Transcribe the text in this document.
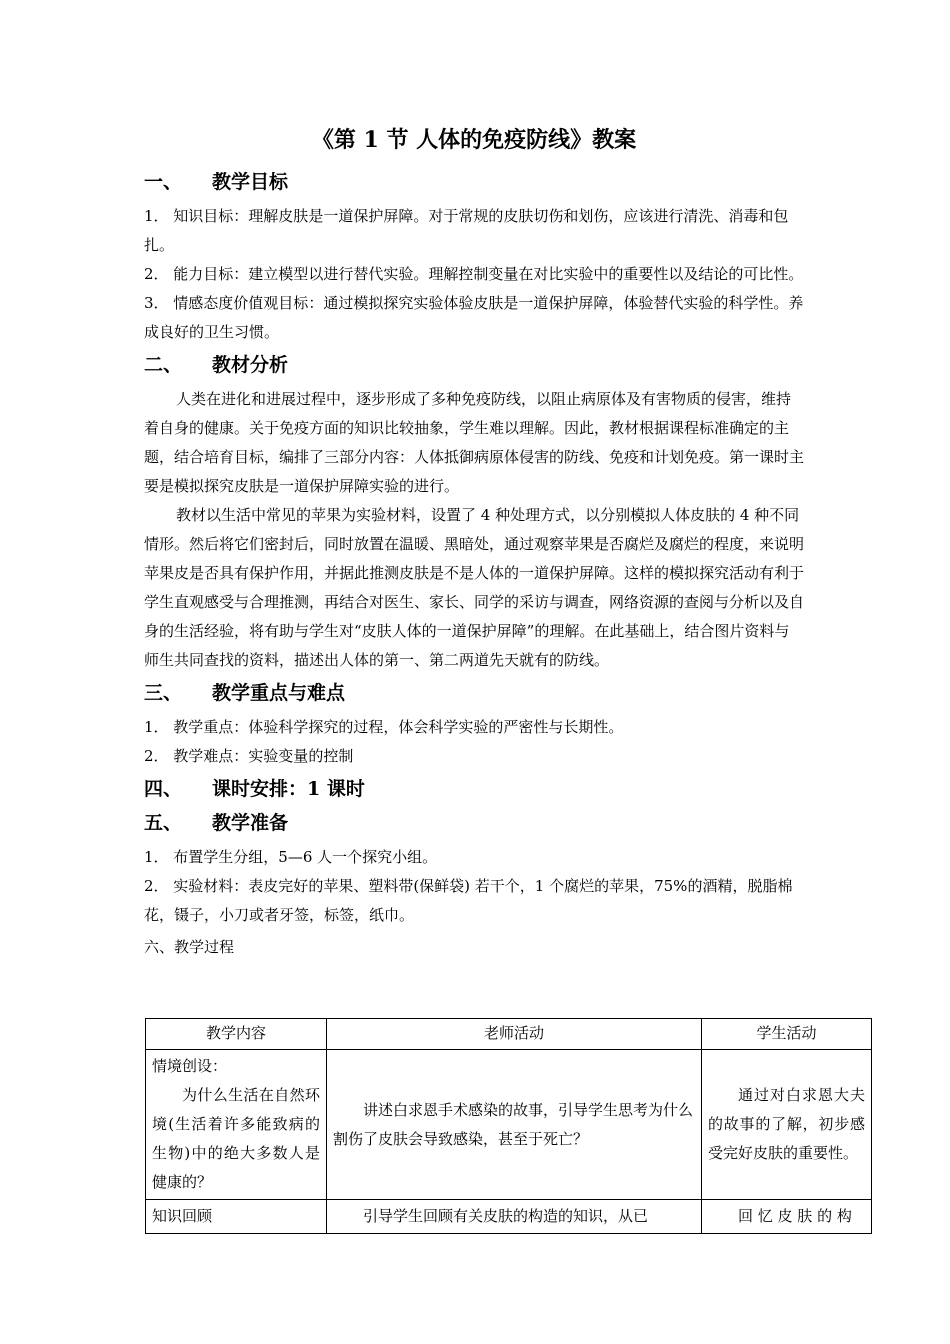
《第 1 节 人体的免疫防线》教案
一、	教学目标

1． 知识目标：理解皮肤是一道保护屏障。对于常规的皮肤切伤和划伤，应该进行清洗、消毒和包扎。

2． 能力目标：建立模型以进行替代实验。理解控制变量在对比实验中的重要性以及结论的可比性。

3． 情感态度价值观目标：通过模拟探究实验体验皮肤是一道保护屏障，体验替代实验的科学性。养成良好的卫生习惯。

二、	教材分析

人类在进化和进展过程中，逐步形成了多种免疫防线，以阻止病原体及有害物质的侵害，维持着自身的健康。关于免疫方面的知识比较抽象，学生难以理解。因此，教材根据课程标准确定的主题，结合培育目标，编排了三部分内容：人体抵御病原体侵害的防线、免疫和计划免疫。第一课时主要是模拟探究皮肤是一道保护屏障实验的进行。

教材以生活中常见的苹果为实验材料，设置了 4 种处理方式，以分别模拟人体皮肤的 4 种不同情形。然后将它们密封后，同时放置在温暖、黑暗处，通过观察苹果是否腐烂及腐烂的程度，来说明苹果皮是否具有保护作用，并据此推测皮肤是不是人体的一道保护屏障。这样的模拟探究活动有利于学生直观感受与合理推测，再结合对医生、家长、同学的采访与调查，网络资源的查阅与分析以及自身的生活经验，将有助与学生对“皮肤人体的一道保护屏障”的理解。在此基础上，结合图片资料与师生共同查找的资料，描述出人体的第一、第二两道先天就有的防线。

三、	教学重点与难点

1． 教学重点：体验科学探究的过程，体会科学实验的严密性与长期性。

2． 教学难点：实验变量的控制

四、	课时安排：1 课时
五、	教学准备

1． 布置学生分组，5—6 人一个探究小组。

2． 实验材料：表皮完好的苹果、塑料带(保鲜袋) 若干个，1 个腐烂的苹果，75%的酒精，脱脂棉花，镊子，小刀或者牙签，标签，纸巾。

六、教学过程
教学内容	老师活动	学生活动

情境创设：
为什么生活在自然环境(生活着许多能致病的生物)中的绝大多数人是健康的？	讲述白求恩手术感染的故事，引导学生思考为什么割伤了皮肤会导致感染，甚至于死亡？	通过对白求恩大夫的故事的了解，初步感受完好皮肤的重要性。

知识回顾	引导学生回顾有关皮肤的构造的知识，从已	回 忆 皮 肤 的 构
